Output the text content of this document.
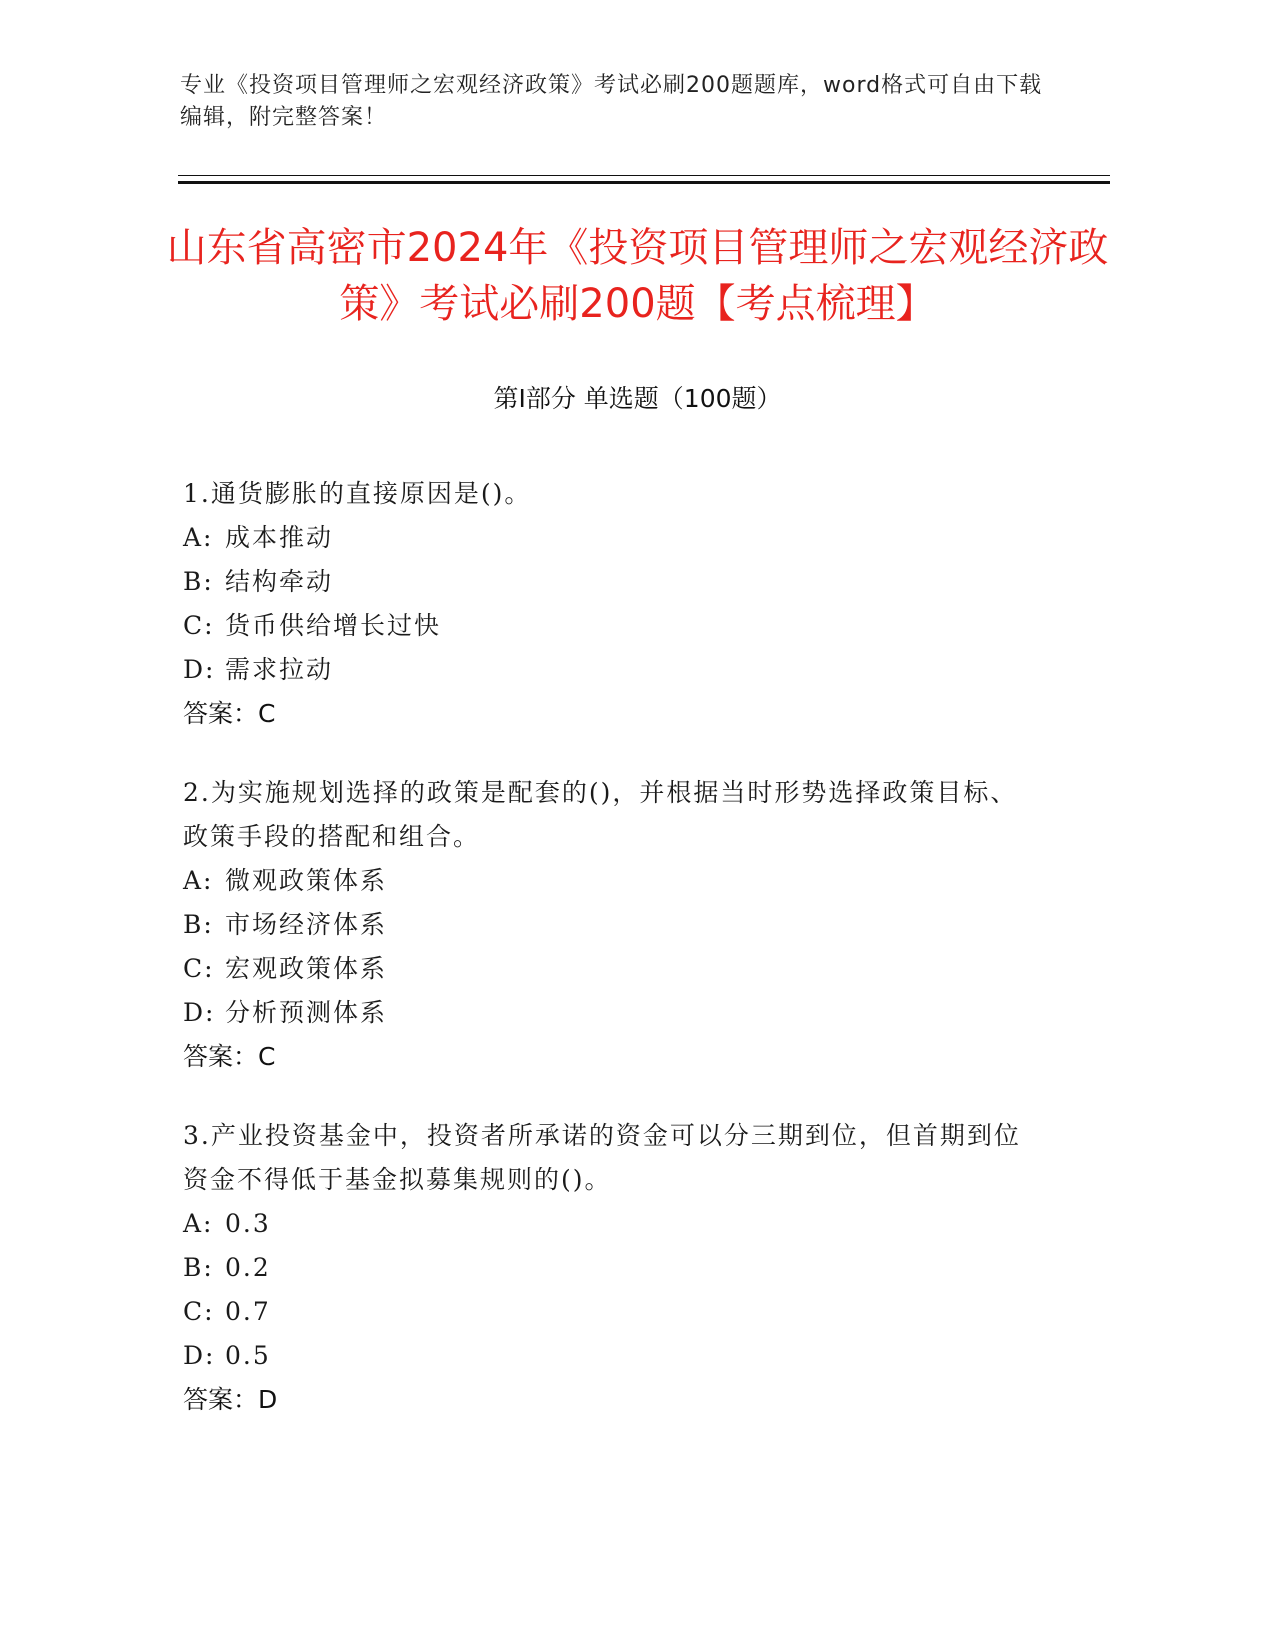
专业《投资项目管理师之宏观经济政策》考试必刷200题题库，word格式可自由下载编辑，附完整答案！
山东省高密市2024年《投资项目管理师之宏观经济政策》考试必刷200题【考点梳理】
第Ⅰ部分 单选题（100题）
1.通货膨胀的直接原因是()。
A: 成本推动
B: 结构牵动
C: 货币供给增长过快
D: 需求拉动
答案：C
2.为实施规划选择的政策是配套的()，并根据当时形势选择政策目标、政策手段的搭配和组合。
A: 微观政策体系
B: 市场经济体系
C: 宏观政策体系
D: 分析预测体系
答案：C
3.产业投资基金中，投资者所承诺的资金可以分三期到位，但首期到位资金不得低于基金拟募集规则的()。
A: 0.3
B: 0.2
C: 0.7
D: 0.5
答案：D
